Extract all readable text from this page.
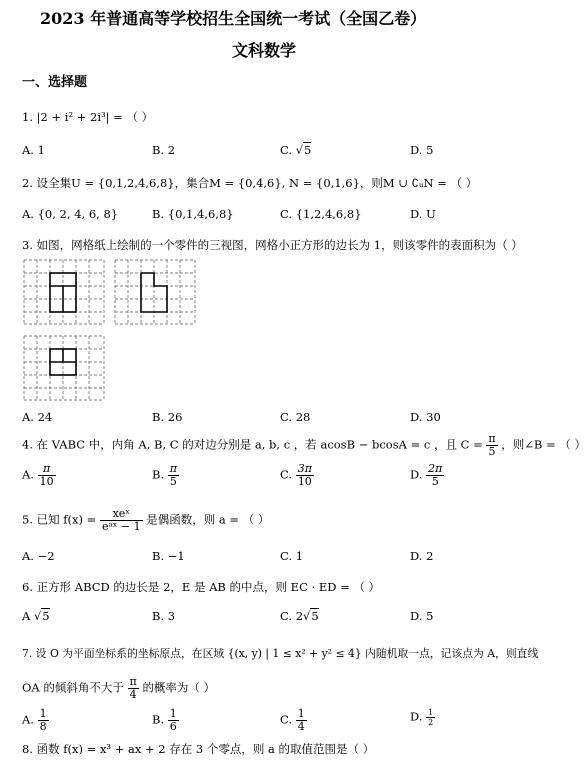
2023 年普通高等学校招生全国统一考试（全国乙卷）
文科数学
一、选择题
1. |2 + i² + 2i³| = （ ）
A. 1	B. 2	C. √5	D. 5
2. 设全集U = {0,1,2,4,6,8}，集合M = {0,4,6}, N = {0,1,6}，则M ∪ ∁ᵤN = （ ）
A. {0, 2, 4, 6, 8}	B. {0,1,4,6,8}	C. {1,2,4,6,8}	D. U
3. 如图，网格纸上绘制的一个零件的三视图，网格小正方形的边长为 1，则该零件的表面积为（ ）
A. 24	B. 26	C. 28	D. 30
4. 在 VABC 中，内角 A, B, C 的对边分别是 a, b, c ，若 acosB − bcosA = c ，且 $C = \frac{\pi}{5}$ ，则∠B = （ ）
A. $\frac{\pi}{10}$	B. $\frac{\pi}{5}$	C. $\frac{3\pi}{10}$	D. $\frac{2\pi}{5}$
5. 已知 $f(x) = \frac{\text{xeˣ}}{\text{eᵃˣ − 1}}$ 是偶函数，则 a = （ ）
A. −2	B. −1	C. 1	D. 2
6. 正方形 ABCD 的边长是 2，E 是 AB 的中点，则 EC · ED = （ ）
A √5	B. 3	C. 2√5	D. 5
7. 设 O 为平面坐标系的坐标原点，在区域 {(x, y) | 1 ≤ x² + y² ≤ 4} 内随机取一点，记该点为 A，则直线
OA 的倾斜角不大于 $\frac{\pi}{4}$ 的概率为（ ）
A. $\frac{1}{8}$	B. $\frac{1}{6}$	C. $\frac{1}{4}$	D. $\frac{1}{2}$
8. 函数 f(x) = x³ + ax + 2 存在 3 个零点，则 a 的取值范围是（ ）
